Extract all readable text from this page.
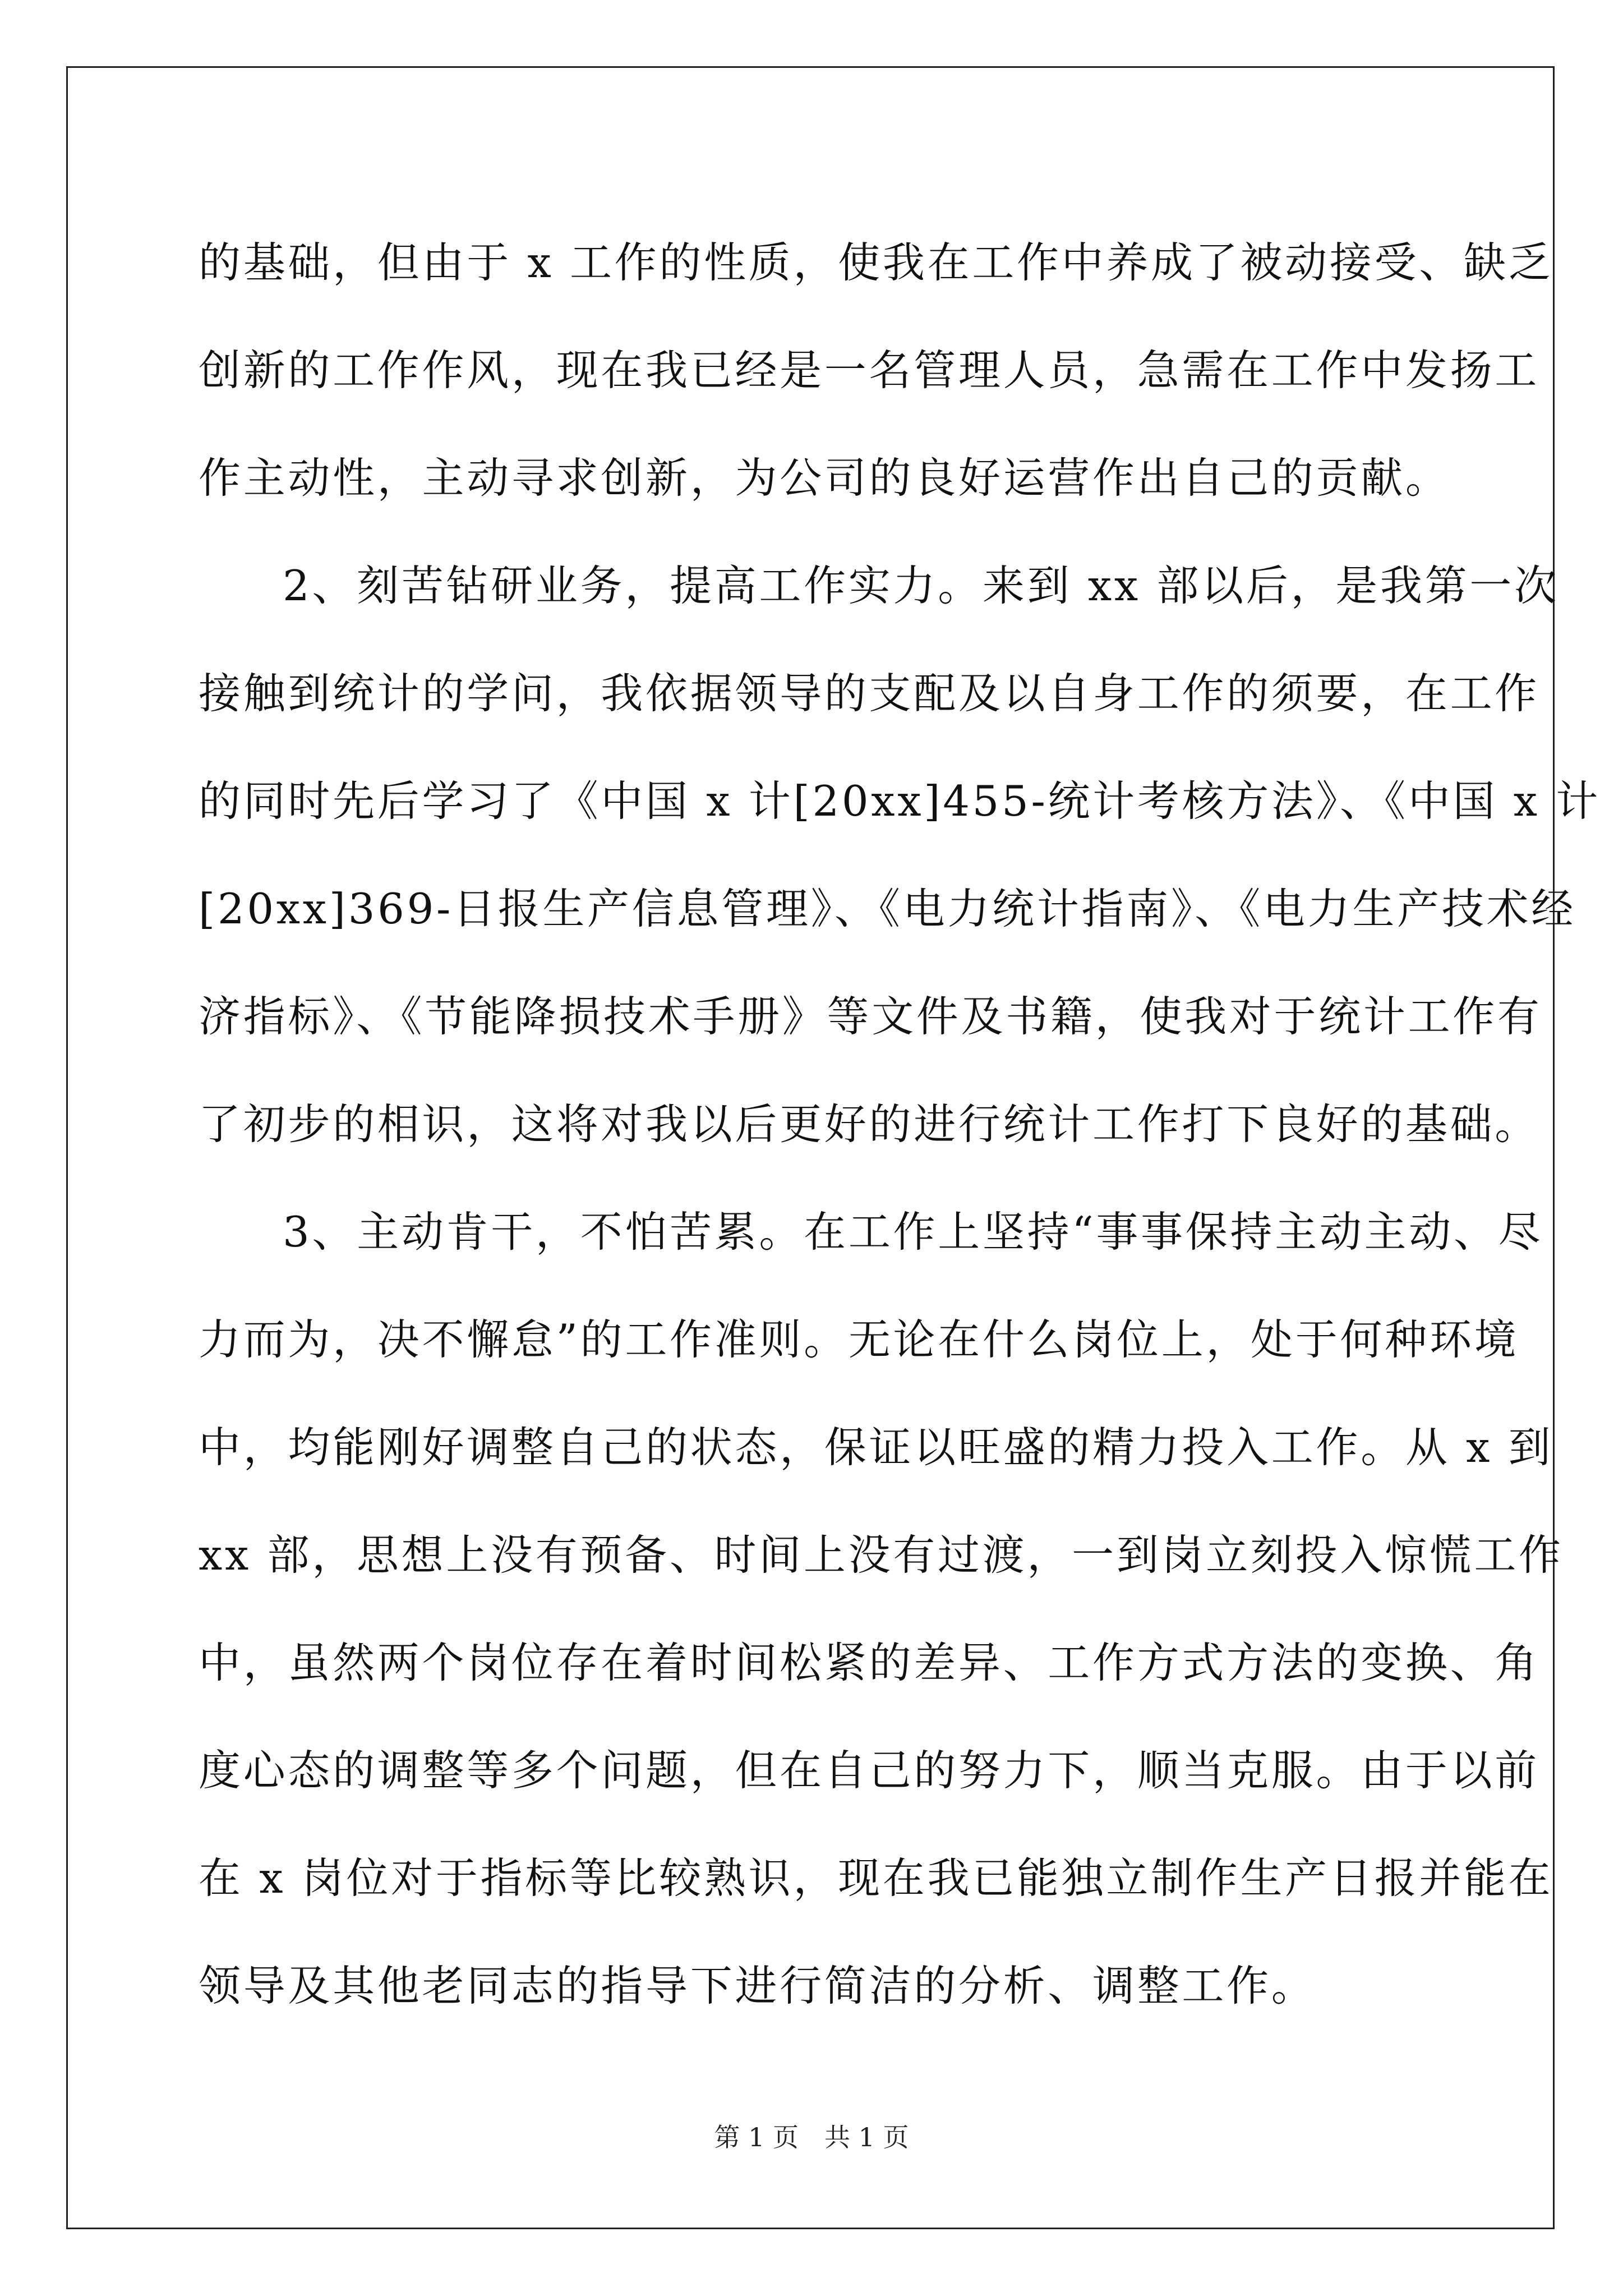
的基础，但由于 x 工作的性质，使我在工作中养成了被动接受、缺乏
创新的工作作风，现在我已经是一名管理人员，急需在工作中发扬工
作主动性，主动寻求创新，为公司的良好运营作出自己的贡献。
2、刻苦钻研业务，提高工作实力。来到 xx 部以后，是我第一次
接触到统计的学问，我依据领导的支配及以自身工作的须要，在工作
的同时先后学习了《中国 x 计[20xx]455-统计考核方法》、《中国 x 计
[20xx]369-日报生产信息管理》、《电力统计指南》、《电力生产技术经
济指标》、《节能降损技术手册》等文件及书籍，使我对于统计工作有
了初步的相识，这将对我以后更好的进行统计工作打下良好的基础。
3、主动肯干，不怕苦累。在工作上坚持“事事保持主动主动、尽
力而为，决不懈怠”的工作准则。无论在什么岗位上，处于何种环境
中，均能刚好调整自己的状态，保证以旺盛的精力投入工作。从 x 到
xx 部，思想上没有预备、时间上没有过渡，一到岗立刻投入惊慌工作
中，虽然两个岗位存在着时间松紧的差异、工作方式方法的变换、角
度心态的调整等多个问题，但在自己的努力下，顺当克服。由于以前
在 x 岗位对于指标等比较熟识，现在我已能独立制作生产日报并能在
领导及其他老同志的指导下进行简洁的分析、调整工作。
第 1 页　共 1 页
